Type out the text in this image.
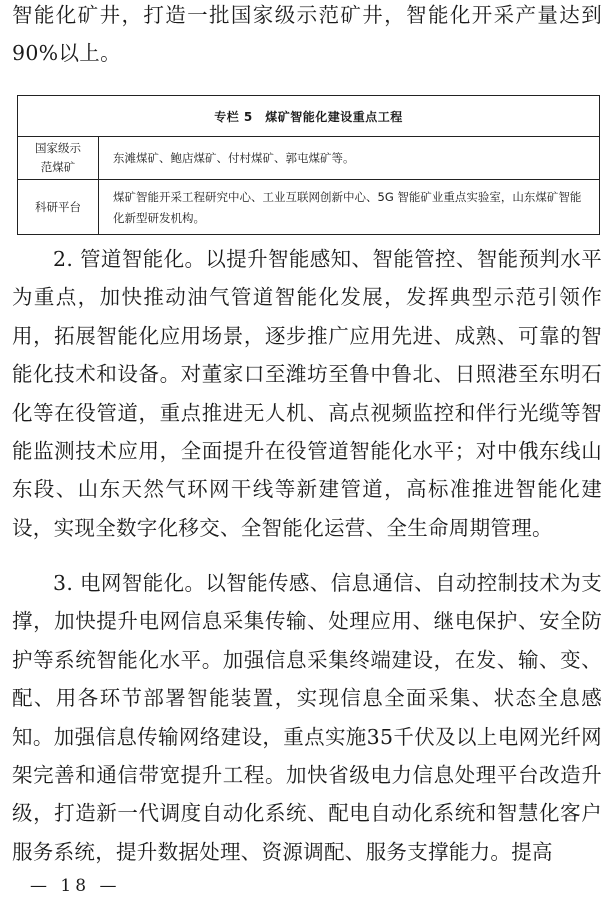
智能化矿井，打造一批国家级示范矿井，智能化开采产量达到90%以上。

专栏 5　煤矿智能化建设重点工程
国家级示范煤矿
东滩煤矿、鲍店煤矿、付村煤矿、郭屯煤矿等。
科研平台
煤矿智能开采工程研究中心、工业互联网创新中心、5G 智能矿业重点实验室，山东煤矿智能化新型研发机构。

2. 管道智能化。以提升智能感知、智能管控、智能预判水平为重点，加快推动油气管道智能化发展，发挥典型示范引领作用，拓展智能化应用场景，逐步推广应用先进、成熟、可靠的智能化技术和设备。对董家口至潍坊至鲁中鲁北、日照港至东明石化等在役管道，重点推进无人机、高点视频监控和伴行光缆等智能监测技术应用，全面提升在役管道智能化水平；对中俄东线山东段、山东天然气环网干线等新建管道，高标准推进智能化建设，实现全数字化移交、全智能化运营、全生命周期管理。

3. 电网智能化。以智能传感、信息通信、自动控制技术为支撑，加快提升电网信息采集传输、处理应用、继电保护、安全防护等系统智能化水平。加强信息采集终端建设，在发、输、变、配、用各环节部署智能装置，实现信息全面采集、状态全息感知。加强信息传输网络建设，重点实施35千伏及以上电网光纤网架完善和通信带宽提升工程。加快省级电力信息处理平台改造升级，打造新一代调度自动化系统、配电自动化系统和智慧化客户服务系统，提升数据处理、资源调配、服务支撑能力。提高

— 18 —
